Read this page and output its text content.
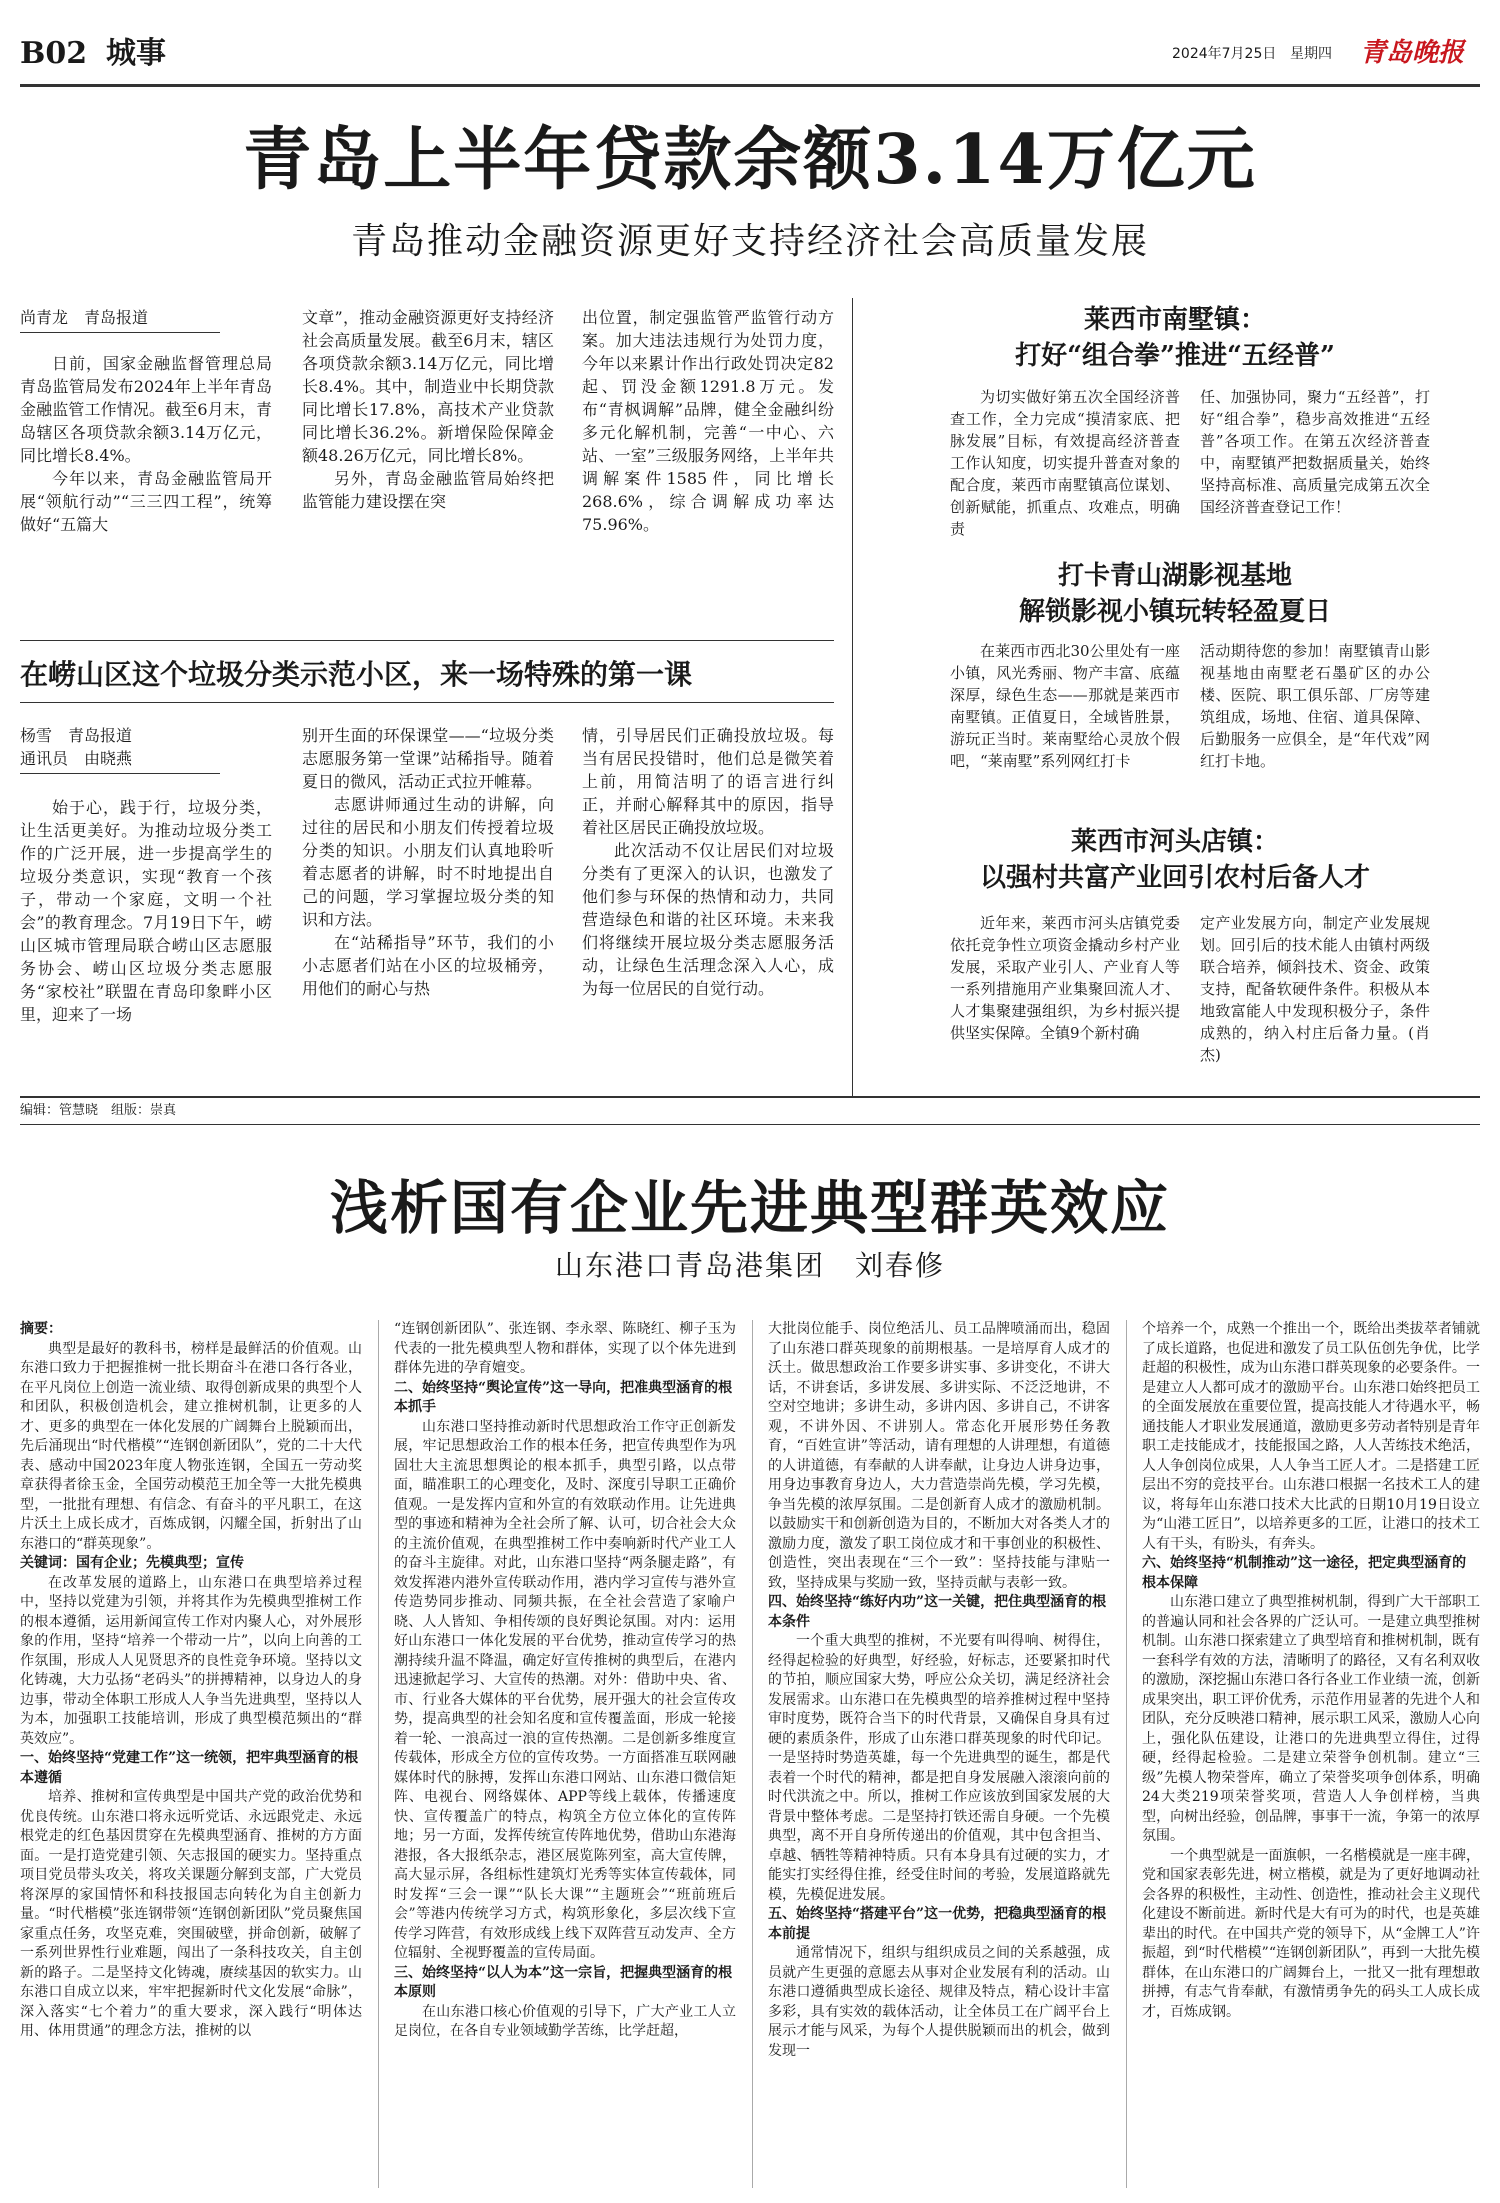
B02 城事	2024年7月25日 星期四 青岛晚报
青岛上半年贷款余额3.14万亿元
青岛推动金融资源更好支持经济社会高质量发展
尚青龙　青岛报道

日前，国家金融监督管理总局青岛监管局发布2024年上半年青岛金融监管工作情况。截至6月末，青岛辖区各项贷款余额3.14万亿元，同比增长8.4%。

今年以来，青岛金融监管局开展“领航行动”“三三四工程”，统筹做好“五篇大

文章”，推动金融资源更好支持经济社会高质量发展。截至6月末，辖区各项贷款余额3.14万亿元，同比增长8.4%。其中，制造业中长期贷款同比增长17.8%，高技术产业贷款同比增长36.2%。新增保险保障金额48.26万亿元，同比增长8%。

另外，青岛金融监管局始终把监管能力建设摆在突

出位置，制定强监管严监管行动方案。加大违法违规行为处罚力度，今年以来累计作出行政处罚决定82起、罚没金额1291.8万元。发布“青枫调解”品牌，健全金融纠纷多元化解机制，完善“一中心、六站、一室”三级服务网络，上半年共调解案件1585件，同比增长268.6%，综合调解成功率达75.96%。

在崂山区这个垃圾分类示范小区，来一场特殊的第一课
杨雪　青岛报道
通讯员　由晓燕

始于心，践于行，垃圾分类，让生活更美好。为推动垃圾分类工作的广泛开展，进一步提高学生的垃圾分类意识，实现“教育一个孩子，带动一个家庭，文明一个社会”的教育理念。7月19日下午，崂山区城市管理局联合崂山区志愿服务协会、崂山区垃圾分类志愿服务“家校社”联盟在青岛印象畔小区里，迎来了一场

别开生面的环保课堂——“垃圾分类志愿服务第一堂课”站稀指导。随着夏日的微风，活动正式拉开帷幕。

志愿讲师通过生动的讲解，向过往的居民和小朋友们传授着垃圾分类的知识。小朋友们认真地聆听着志愿者的讲解，时不时地提出自己的问题，学习掌握垃圾分类的知识和方法。

在“站稀指导”环节，我们的小小志愿者们站在小区的垃圾桶旁，用他们的耐心与热

情，引导居民们正确投放垃圾。每当有居民投错时，他们总是微笑着上前，用简洁明了的语言进行纠正，并耐心解释其中的原因，指导着社区居民正确投放垃圾。

此次活动不仅让居民们对垃圾分类有了更深入的认识，也激发了他们参与环保的热情和动力，共同营造绿色和谐的社区环境。未来我们将继续开展垃圾分类志愿服务活动，让绿色生活理念深入人心，成为每一位居民的自觉行动。

莱西市南墅镇：
打好“组合拳”推进“五经普”

为切实做好第五次全国经济普查工作，全力完成“摸清家底、把脉发展”目标，有效提高经济普查工作认知度，切实提升普查对象的配合度，莱西市南墅镇高位谋划、创新赋能，抓重点、攻难点，明确责

任、加强协同，聚力“五经普”，打好“组合拳”，稳步高效推进“五经普”各项工作。在第五次经济普查中，南墅镇严把数据质量关，始终坚持高标准、高质量完成第五次全国经济普查登记工作！

打卡青山湖影视基地
解锁影视小镇玩转轻盈夏日

在莱西市西北30公里处有一座小镇，风光秀丽、物产丰富、底蕴深厚，绿色生态——那就是莱西市南墅镇。正值夏日，全域皆胜景，游玩正当时。莱南墅给心灵放个假吧，“莱南墅”系列网红打卡

活动期待您的参加！南墅镇青山影视基地由南墅老石墨矿区的办公楼、医院、职工俱乐部、厂房等建筑组成，场地、住宿、道具保障、后勤服务一应俱全，是“年代戏”网红打卡地。

莱西市河头店镇：
以强村共富产业回引农村后备人才

近年来，莱西市河头店镇党委依托竞争性立项资金撬动乡村产业发展，采取产业引人、产业育人等一系列措施用产业集聚回流人才、人才集聚建强组织，为乡村振兴提供坚实保障。全镇9个新村确

定产业发展方向，制定产业发展规划。回引后的技术能人由镇村两级联合培养，倾斜技术、资金、政策支持，配备软硬件条件。积极从本地致富能人中发现积极分子，条件成熟的，纳入村庄后备力量。(肖杰)

编辑：管慧晓　组版：崇真
浅析国有企业先进典型群英效应
山东港口青岛港集团　刘春修
摘要：

典型是最好的教科书，榜样是最鲜活的价值观。山东港口致力于把握推树一批长期奋斗在港口各行各业，在平凡岗位上创造一流业绩、取得创新成果的典型个人和团队，积极创造机会，建立推树机制，让更多的人才、更多的典型在一体化发展的广阔舞台上脱颖而出，先后涌现出“时代楷模”“连钢创新团队”，党的二十大代表、感动中国2023年度人物张连钢，全国五一劳动奖章获得者徐玉金，全国劳动模范王加全等一大批先模典型，一批批有理想、有信念、有奋斗的平凡职工，在这片沃土上成长成才，百炼成钢，闪耀全国，折射出了山东港口的“群英现象”。

关键词：国有企业；先模典型；宣传

在改革发展的道路上，山东港口在典型培养过程中，坚持以党建为引领，并将其作为先模典型推树工作的根本遵循，运用新闻宣传工作对内聚人心，对外展形象的作用，坚持“培养一个带动一片”，以向上向善的工作氛围，形成人人见贤思齐的良性竞争环境。坚持以文化铸魂，大力弘扬“老码头”的拼搏精神，以身边人的身边事，带动全体职工形成人人争当先进典型，坚持以人为本，加强职工技能培训，形成了典型模范频出的“群英效应”。

一、始终坚持“党建工作”这一统领，把牢典型涵育的根本遵循

培养、推树和宣传典型是中国共产党的政治优势和优良传统。山东港口将永远听党话、永远跟党走、永远根党走的红色基因贯穿在先模典型涵育、推树的方方面面。一是打造党建引领、矢志报国的硬实力。坚持重点项目党员带头攻关，将攻关课题分解到支部，广大党员将深厚的家国情怀和科技报国志向转化为自主创新力量。“时代楷模”张连钢带领“连钢创新团队”党员聚焦国家重点任务，攻坚克难，突围破壁，拼命创新，破解了一系列世界性行业难题，闯出了一条科技攻关，自主创新的路子。二是坚持文化铸魂，赓续基因的软实力。山东港口自成立以来，牢牢把握新时代文化发展“命脉”，深入落实“七个着力”的重大要求，深入践行“明体达用、体用贯通”的理念方法，推树的以

“连钢创新团队”、张连钢、李永翠、陈晓红、柳子玉为代表的一批先模典型人物和群体，实现了以个体先进到群体先进的孕育嬗变。

二、始终坚持“舆论宣传”这一导向，把准典型涵育的根本抓手

山东港口坚持推动新时代思想政治工作守正创新发展，牢记思想政治工作的根本任务，把宣传典型作为巩固壮大主流思想舆论的根本抓手，典型引路，以点带面，瞄准职工的心理变化，及时、深度引导职工正确价值观。一是发挥内宣和外宣的有效联动作用。让先进典型的事迹和精神为全社会所了解、认可，切合社会大众的主流价值观，在典型推树工作中奏响新时代产业工人的奋斗主旋律。对此，山东港口坚持“两条腿走路”，有效发挥港内港外宣传联动作用，港内学习宣传与港外宣传造势同步推动、同频共振，在全社会营造了家喻户晓、人人皆知、争相传颂的良好舆论氛围。对内：运用好山东港口一体化发展的平台优势，推动宣传学习的热潮持续升温不降温，确定好宣传推树的典型后，在港内迅速掀起学习、大宣传的热潮。对外：借助中央、省、市、行业各大媒体的平台优势，展开强大的社会宣传攻势，提高典型的社会知名度和宣传覆盖面，形成一轮接着一轮、一浪高过一浪的宣传热潮。二是创新多维度宣传载体，形成全方位的宣传攻势。一方面搭准互联网融媒体时代的脉搏，发挥山东港口网站、山东港口微信矩阵、电视台、网络媒体、APP等线上载体，传播速度快、宣传覆盖广的特点，构筑全方位立体化的宣传阵地；另一方面，发挥传统宣传阵地优势，借助山东港海港报，各大报纸杂志，港区展览陈列室，高大宣传牌，高大显示屏，各组标性建筑灯光秀等实体宣传载体，同时发挥“三会一课”“队长大课”“主题班会”“班前班后会”等港内传统学习方式，构筑形象化，多层次线下宣传学习阵营，有效形成线上线下双阵营互动发声、全方位辐射、全视野覆盖的宣传局面。

三、始终坚持“以人为本”这一宗旨，把握典型涵育的根本原则

在山东港口核心价值观的引导下，广大产业工人立足岗位，在各自专业领域勤学苦练，比学赶超，

大批岗位能手、岗位绝活儿、员工品牌喷涌而出，稳固了山东港口群英现象的前期根基。一是培厚育人成才的沃土。做思想政治工作要多讲实事、多讲变化，不讲大话，不讲套话，多讲发展、多讲实际、不泛泛地讲，不空对空地讲；多讲生动，多讲内因、多讲自己，不讲客观，不讲外因、不讲别人。常态化开展形势任务教育，“百姓宣讲”等活动，请有理想的人讲理想，有道德的人讲道德，有奉献的人讲奉献，让身边人讲身边事，用身边事教育身边人，大力营造崇尚先模，学习先模，争当先模的浓厚氛围。二是创新育人成才的激励机制。以鼓励实干和创新创造为目的，不断加大对各类人才的激励力度，激发了职工岗位成才和干事创业的积极性、创造性，突出表现在“三个一致”：坚持技能与津贴一致，坚持成果与奖励一致，坚持贡献与表彰一致。

四、始终坚持“练好内功”这一关键，把住典型涵育的根本条件

一个重大典型的推树，不光要有叫得响、树得住，经得起检验的好典型，好经验，好标志，还要紧扣时代的节拍，顺应国家大势，呼应公众关切，满足经济社会发展需求。山东港口在先模典型的培养推树过程中坚持审时度势，既符合当下的时代背景，又确保自身具有过硬的素质条件，形成了山东港口群英现象的时代印记。一是坚持时势造英雄，每一个先进典型的诞生，都是代表着一个时代的精神，都是把自身发展融入滚滚向前的时代洪流之中。所以，推树工作应该放到国家发展的大背景中整体考虑。二是坚持打铁还需自身硬。一个先模典型，离不开自身所传递出的价值观，其中包含担当、卓越、牺牲等精神特质。只有本身具有过硬的实力，才能实打实经得住推，经受住时间的考验，发展道路就先模，先模促进发展。

五、始终坚持“搭建平台”这一优势，把稳典型涵育的根本前提

通常情况下，组织与组织成员之间的关系越强，成员就产生更强的意愿去从事对企业发展有利的活动。山东港口遵循典型成长途径、规律及特点，精心设计丰富多彩，具有实效的载体活动，让全体员工在广阔平台上展示才能与风采，为每个人提供脱颖而出的机会，做到发现一

个培养一个，成熟一个推出一个，既给出类拔萃者铺就了成长道路，也促进和激发了员工队伍创先争优，比学赶超的积极性，成为山东港口群英现象的必要条件。一是建立人人都可成才的激励平台。山东港口始终把员工的全面发展放在重要位置，提高技能人才待遇水平，畅通技能人才职业发展通道，激励更多劳动者特别是青年职工走技能成才，技能报国之路，人人苦练技术绝活，人人争创岗位成果，人人争当工匠人才。二是搭建工匠层出不穷的竞技平台。山东港口根据一名技术工人的建议，将每年山东港口技术大比武的日期10月19日设立为“山港工匠日”，以培养更多的工匠，让港口的技术工人有干头，有盼头，有奔头。

六、始终坚持“机制推动”这一途径，把定典型涵育的根本保障

山东港口建立了典型推树机制，得到广大干部职工的普遍认同和社会各界的广泛认可。一是建立典型推树机制。山东港口探索建立了典型培育和推树机制，既有一套科学有效的方法，清晰明了的路径，又有名利双收的激励，深挖掘山东港口各行各业工作业绩一流，创新成果突出，职工评价优秀，示范作用显著的先进个人和团队，充分反映港口精神，展示职工风采，激励人心向上，强化队伍建设，让港口的先进典型立得住，过得硬，经得起检验。二是建立荣誉争创机制。建立“三级”先模人物荣誉库，确立了荣誉奖项争创体系，明确24大类219项荣誉奖项，营造人人争创样榜，当典型，向树出经验，创品牌，事事干一流，争第一的浓厚氛围。

一个典型就是一面旗帜，一名楷模就是一座丰碑，党和国家表彰先进，树立楷模，就是为了更好地调动社会各界的积极性，主动性、创造性，推动社会主义现代化建设不断前进。新时代是大有可为的时代，也是英雄辈出的时代。在中国共产党的领导下，从“金牌工人”许振超，到“时代楷模”“连钢创新团队”，再到一大批先模群体，在山东港口的广阔舞台上，一批又一批有理想敢拼搏，有志气肯奉献，有激情勇争先的码头工人成长成才，百炼成钢。
